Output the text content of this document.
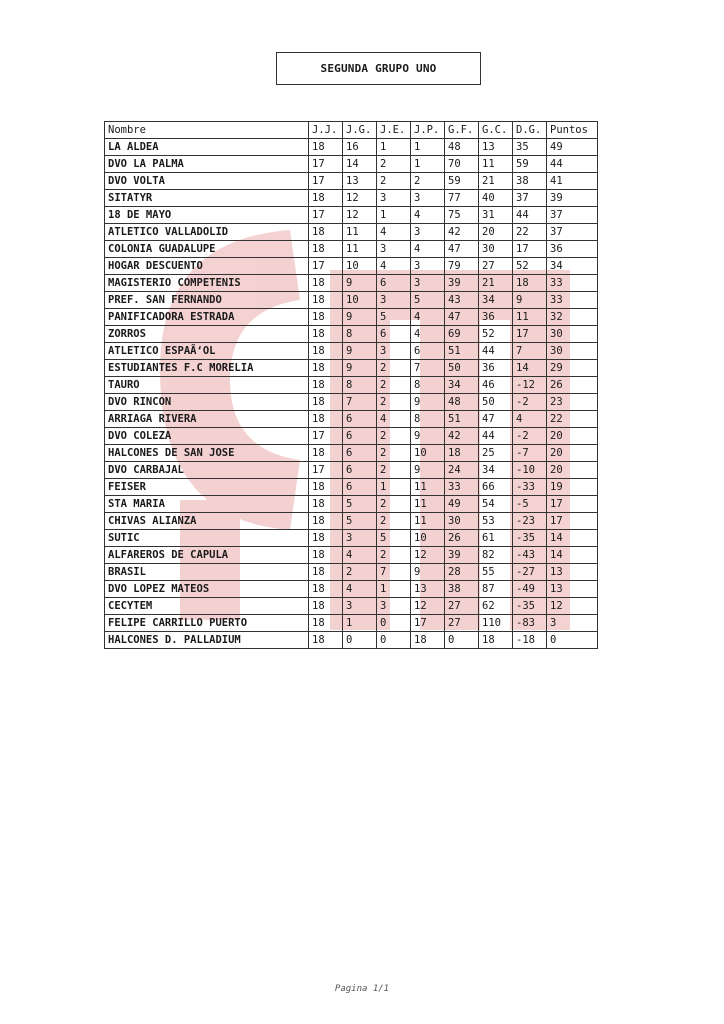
SEGUNDA GRUPO UNO
Nombre	J.J.	J.G.	J.E.	J.P.	G.F.	G.C.	D.G.	Puntos
LA ALDEA	18	16	1	1	48	13	35	49
DVO LA PALMA	17	14	2	1	70	11	59	44
DVO VOLTA	17	13	2	2	59	21	38	41
SITATYR	18	12	3	3	77	40	37	39
18 DE MAYO	17	12	1	4	75	31	44	37
ATLETICO VALLADOLID	18	11	4	3	42	20	22	37
COLONIA GUADALUPE	18	11	3	4	47	30	17	36
HOGAR DESCUENTO	17	10	4	3	79	27	52	34
MAGISTERIO COMPETENIS	18	9	6	3	39	21	18	33
PREF. SAN FERNANDO	18	10	3	5	43	34	9	33
PANIFICADORA ESTRADA	18	9	5	4	47	36	11	32
ZORROS	18	8	6	4	69	52	17	30
ATLETICO ESPAÃ‘OL	18	9	3	6	51	44	7	30
ESTUDIANTES F.C MORELIA	18	9	2	7	50	36	14	29
TAURO	18	8	2	8	34	46	-12	26
DVO RINCON	18	7	2	9	48	50	-2	23
ARRIAGA RIVERA	18	6	4	8	51	47	4	22
DVO COLEZA	17	6	2	9	42	44	-2	20
HALCONES DE SAN JOSE	18	6	2	10	18	25	-7	20
DVO CARBAJAL	17	6	2	9	24	34	-10	20
FEISER	18	6	1	11	33	66	-33	19
STA MARIA	18	5	2	11	49	54	-5	17
CHIVAS ALIANZA	18	5	2	11	30	53	-23	17
SUTIC	18	3	5	10	26	61	-35	14
ALFAREROS DE CAPULA	18	4	2	12	39	82	-43	14
BRASIL	18	2	7	9	28	55	-27	13
DVO LOPEZ MATEOS	18	4	1	13	38	87	-49	13
CECYTEM	18	3	3	12	27	62	-35	12
FELIPE CARRILLO PUERTO	18	1	0	17	27	110	-83	3
HALCONES D. PALLADIUM	18	0	0	18	0	18	-18	0
Pagina 1/1
